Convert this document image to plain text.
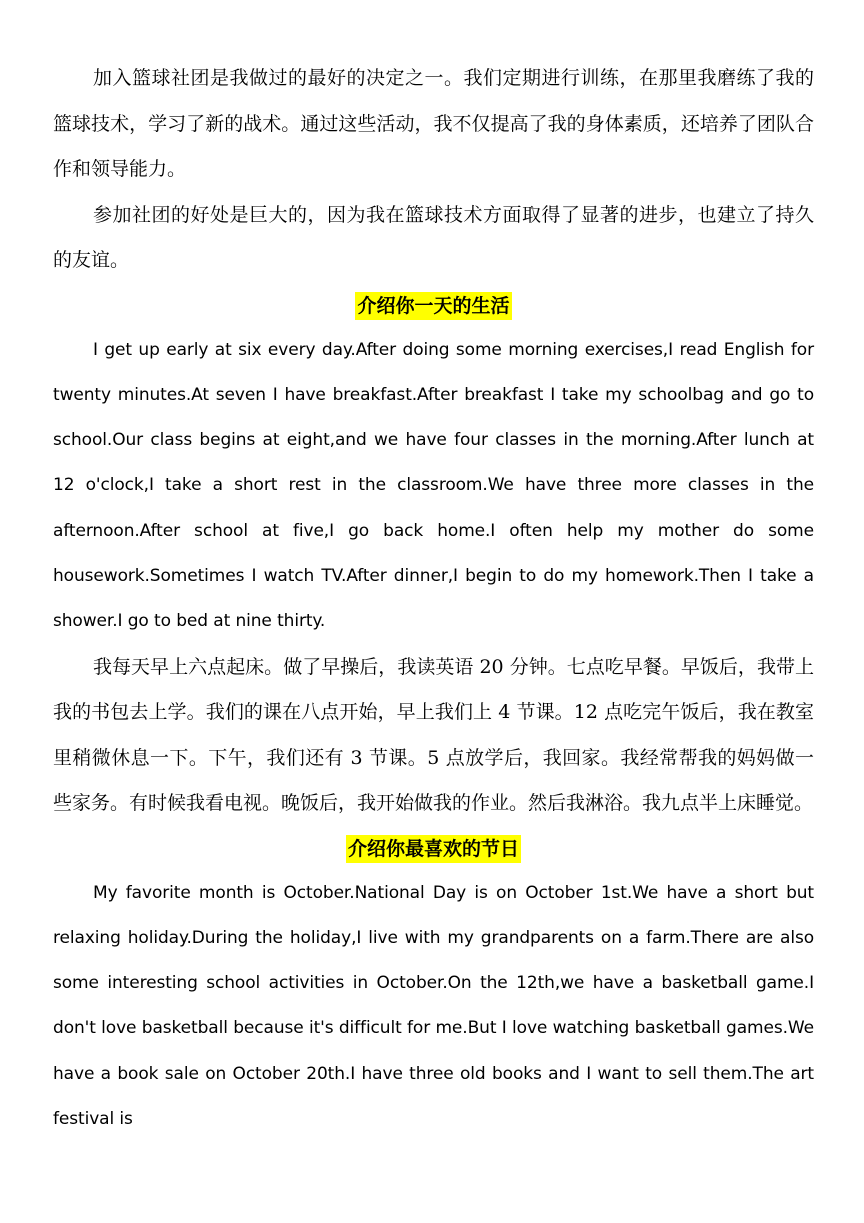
加入篮球社团是我做过的最好的决定之一。我们定期进行训练，在那里我磨练了我的篮球技术，学习了新的战术。通过这些活动，我不仅提高了我的身体素质，还培养了团队合作和领导能力。

参加社团的好处是巨大的，因为我在篮球技术方面取得了显著的进步，也建立了持久的友谊。

介绍你一天的生活

I get up early at six every day.After doing some morning exercises,I read English for twenty minutes.At seven I have breakfast.After breakfast I take my schoolbag and go to school.Our class begins at eight,and we have four classes in the morning.After lunch at 12 o'clock,I take a short rest in the classroom.We have three more classes in the afternoon.After school at five,I go back home.I often help my mother do some housework.Sometimes I watch TV.After dinner,I begin to do my homework.Then I take a shower.I go to bed at nine thirty.

我每天早上六点起床。做了早操后，我读英语 20 分钟。七点吃早餐。早饭后，我带上我的书包去上学。我们的课在八点开始，早上我们上 4 节课。12 点吃完午饭后，我在教室里稍微休息一下。下午，我们还有 3 节课。5 点放学后，我回家。我经常帮我的妈妈做一些家务。有时候我看电视。晚饭后，我开始做我的作业。然后我淋浴。我九点半上床睡觉。

介绍你最喜欢的节日

My favorite month is October.National Day is on October 1st.We have a short but relaxing holiday.During the holiday,I live with my grandparents on a farm.There are also some interesting school activities in October.On the 12th,we have a basketball game.I don't love basketball because it's difficult for me.But I love watching basketball games.We have a book sale on October 20th.I have three old books and I want to sell them.The art festival is
